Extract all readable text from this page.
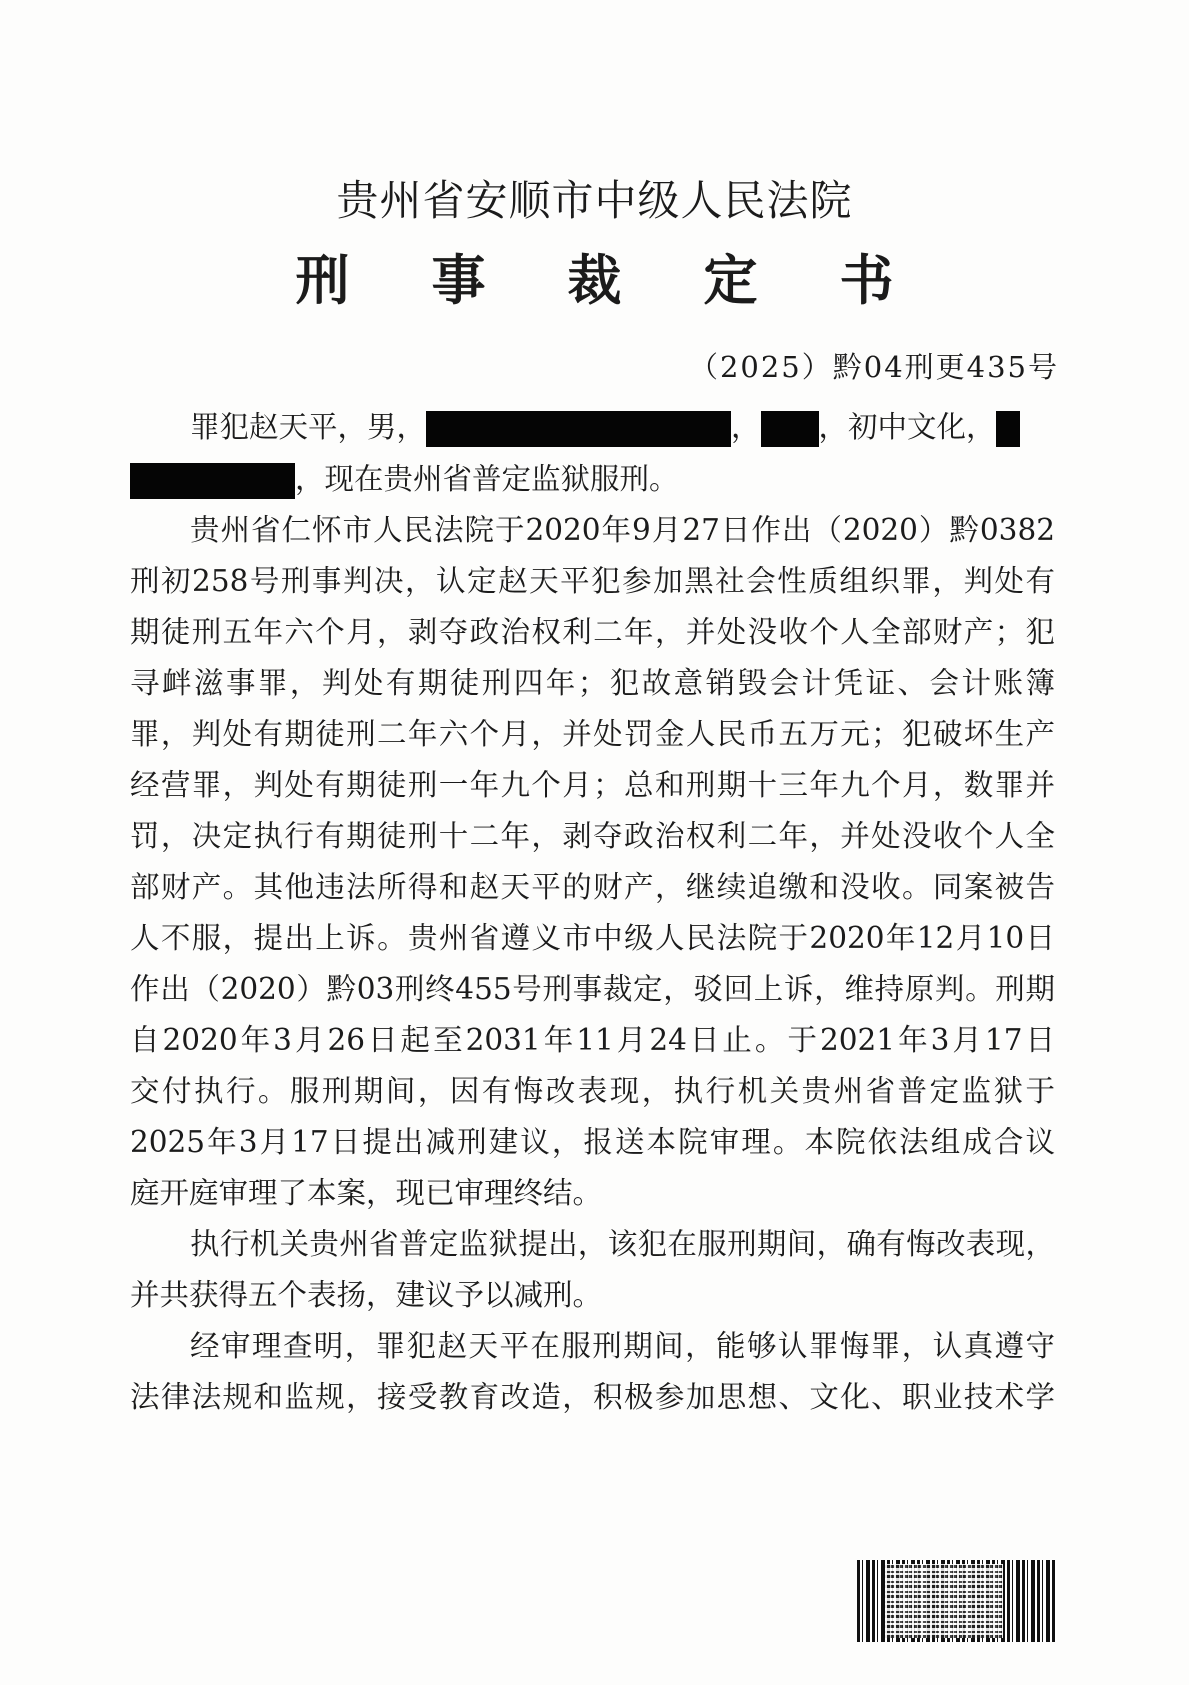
贵州省安顺市中级人民法院
刑事裁定书
（2025）黔04刑更435号
罪犯赵天平，男，	， ，初中文化，
，现在贵州省普定监狱服刑。
贵州省仁怀市人民法院于2020年9月27日作出（2020）黔0382
刑初258号刑事判决，认定赵天平犯参加黑社会性质组织罪，判处有
期徒刑五年六个月，剥夺政治权利二年，并处没收个人全部财产；犯
寻衅滋事罪，判处有期徒刑四年；犯故意销毁会计凭证、会计账簿
罪，判处有期徒刑二年六个月，并处罚金人民币五万元；犯破坏生产
经营罪，判处有期徒刑一年九个月；总和刑期十三年九个月，数罪并
罚，决定执行有期徒刑十二年，剥夺政治权利二年，并处没收个人全
部财产。其他违法所得和赵天平的财产，继续追缴和没收。同案被告
人不服，提出上诉。贵州省遵义市中级人民法院于2020年12月10日
作出（2020）黔03刑终455号刑事裁定，驳回上诉，维持原判。刑期
自2020年3月26日起至2031年11月24日止。于2021年3月17日
交付执行。服刑期间，因有悔改表现，执行机关贵州省普定监狱于
2025年3月17日提出减刑建议，报送本院审理。本院依法组成合议
庭开庭审理了本案，现已审理终结。
执行机关贵州省普定监狱提出，该犯在服刑期间，确有悔改表现，
并共获得五个表扬，建议予以减刑。
经审理查明，罪犯赵天平在服刑期间，能够认罪悔罪，认真遵守
法律法规和监规，接受教育改造，积极参加思想、文化、职业技术学
